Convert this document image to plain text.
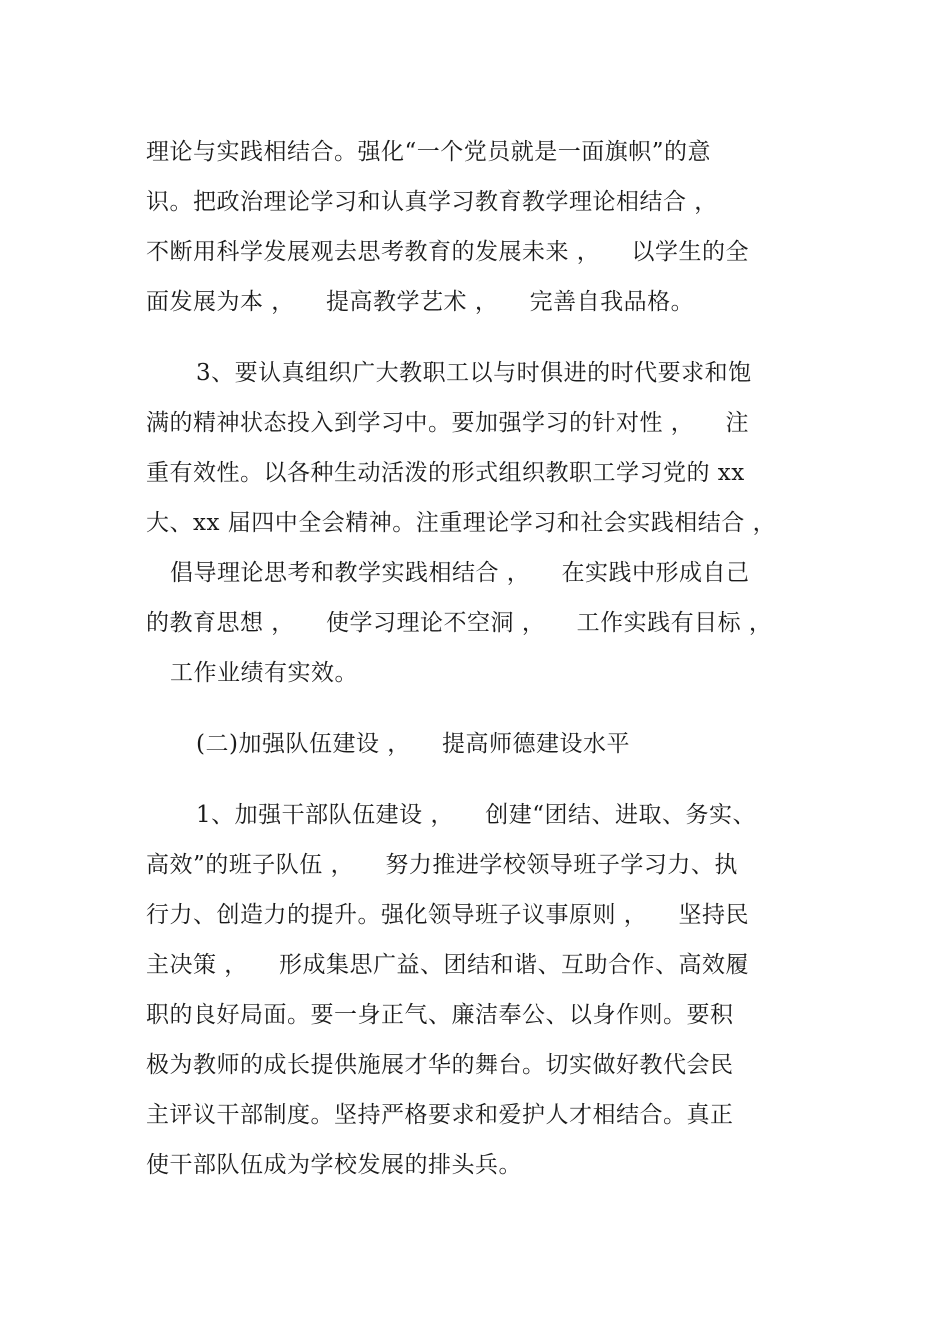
理论与实践相结合。强化“一个党员就是一面旗帜”的意
识。把政治理论学习和认真学习教育教学理论相结合 ，
不断用科学发展观去思考教育的发展未来 ，    以学生的全
面发展为本 ，    提高教学艺术 ，    完善自我品格。
3、要认真组织广大教职工以与时俱进的时代要求和饱
满的精神状态投入到学习中。要加强学习的针对性 ，    注
重有效性。以各种生动活泼的形式组织教职工学习党的 xx
大、xx 届四中全会精神。注重理论学习和社会实践相结合 ，
倡导理论思考和教学实践相结合 ，    在实践中形成自己
的教育思想 ，    使学习理论不空洞 ，    工作实践有目标 ，
工作业绩有实效。
(二)加强队伍建设 ，    提高师德建设水平
1、加强干部队伍建设 ，    创建“团结、进取、务实、
高效”的班子队伍 ，    努力推进学校领导班子学习力、执
行力、创造力的提升。强化领导班子议事原则 ，    坚持民
主决策 ，    形成集思广益、团结和谐、互助合作、高效履
职的良好局面。要一身正气、廉洁奉公、以身作则。要积
极为教师的成长提供施展才华的舞台。切实做好教代会民
主评议干部制度。坚持严格要求和爱护人才相结合。真正
使干部队伍成为学校发展的排头兵。
